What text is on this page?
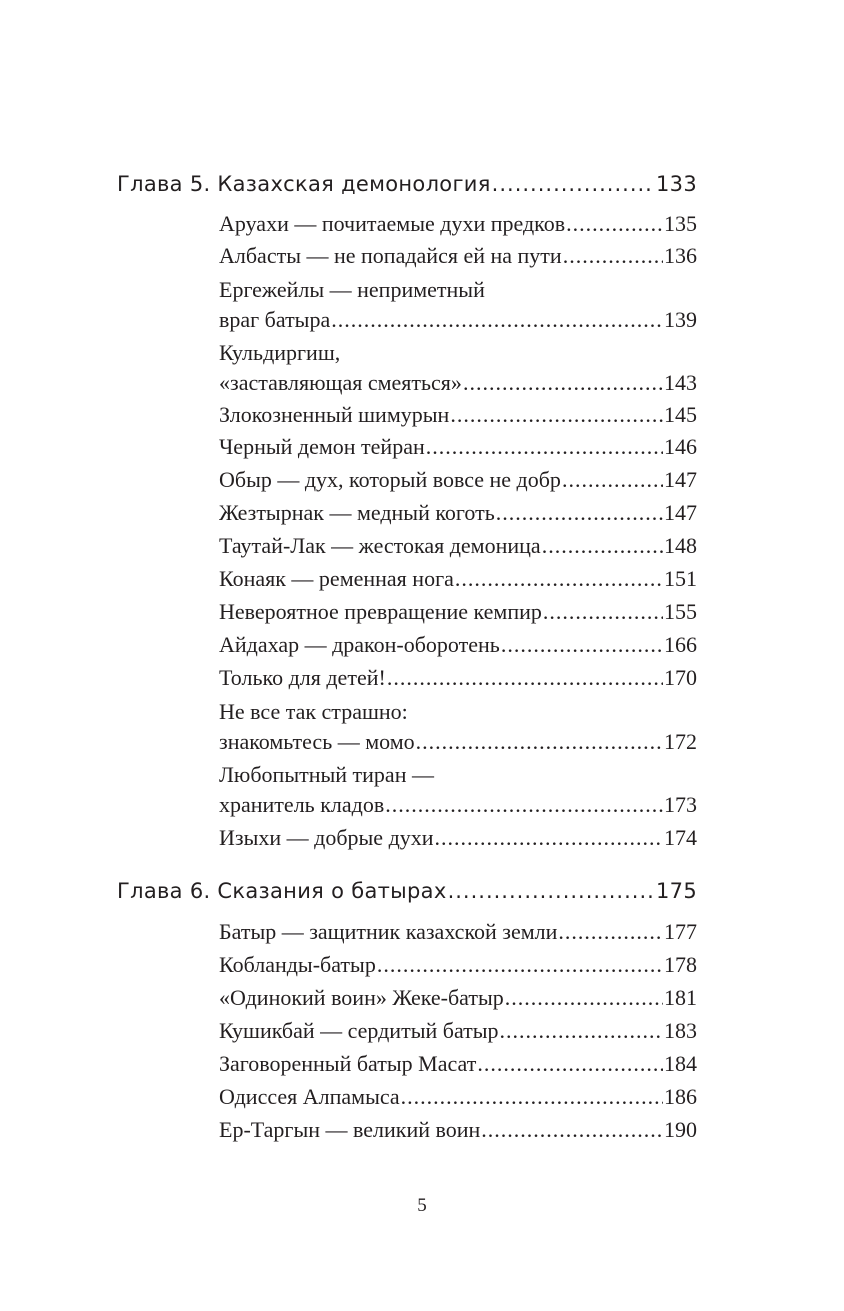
Глава 5. Казахская демонология .....	133
Аруахи — почитаемые духи предков .....	135
Албасты — не попадайся ей на пути .....	136
Ергежейлы — неприметный
враг батыра .....	139
Кульдиргиш,
«заставляющая смеяться» .....	143
Злокозненный шимурын .....	145
Черный демон тейран .....	146
Обыр — дух, который вовсе не добр .....	147
Жезтырнак — медный коготь .....	147
Таутай-Лак — жестокая демоница .....	148
Конаяк — ременная нога .....	151
Невероятное превращение кемпир .....	155
Айдахар — дракон-оборотень .....	166
Только для детей! .....	170
Не все так страшно:
знакомьтесь — момо .....	172
Любопытный тиран —
хранитель кладов .....	173
Изыхи — добрые духи .....	174
Глава 6. Сказания о батырах .....	175
Батыр — защитник казахской земли .....	177
Кобланды-батыр .....	178
«Одинокий воин» Жеке-батыр .....	181
Кушикбай — сердитый батыр .....	183
Заговоренный батыр Масат .....	184
Одиссея Алпамыса .....	186
Ер-Таргын — великий воин .....	190
5
